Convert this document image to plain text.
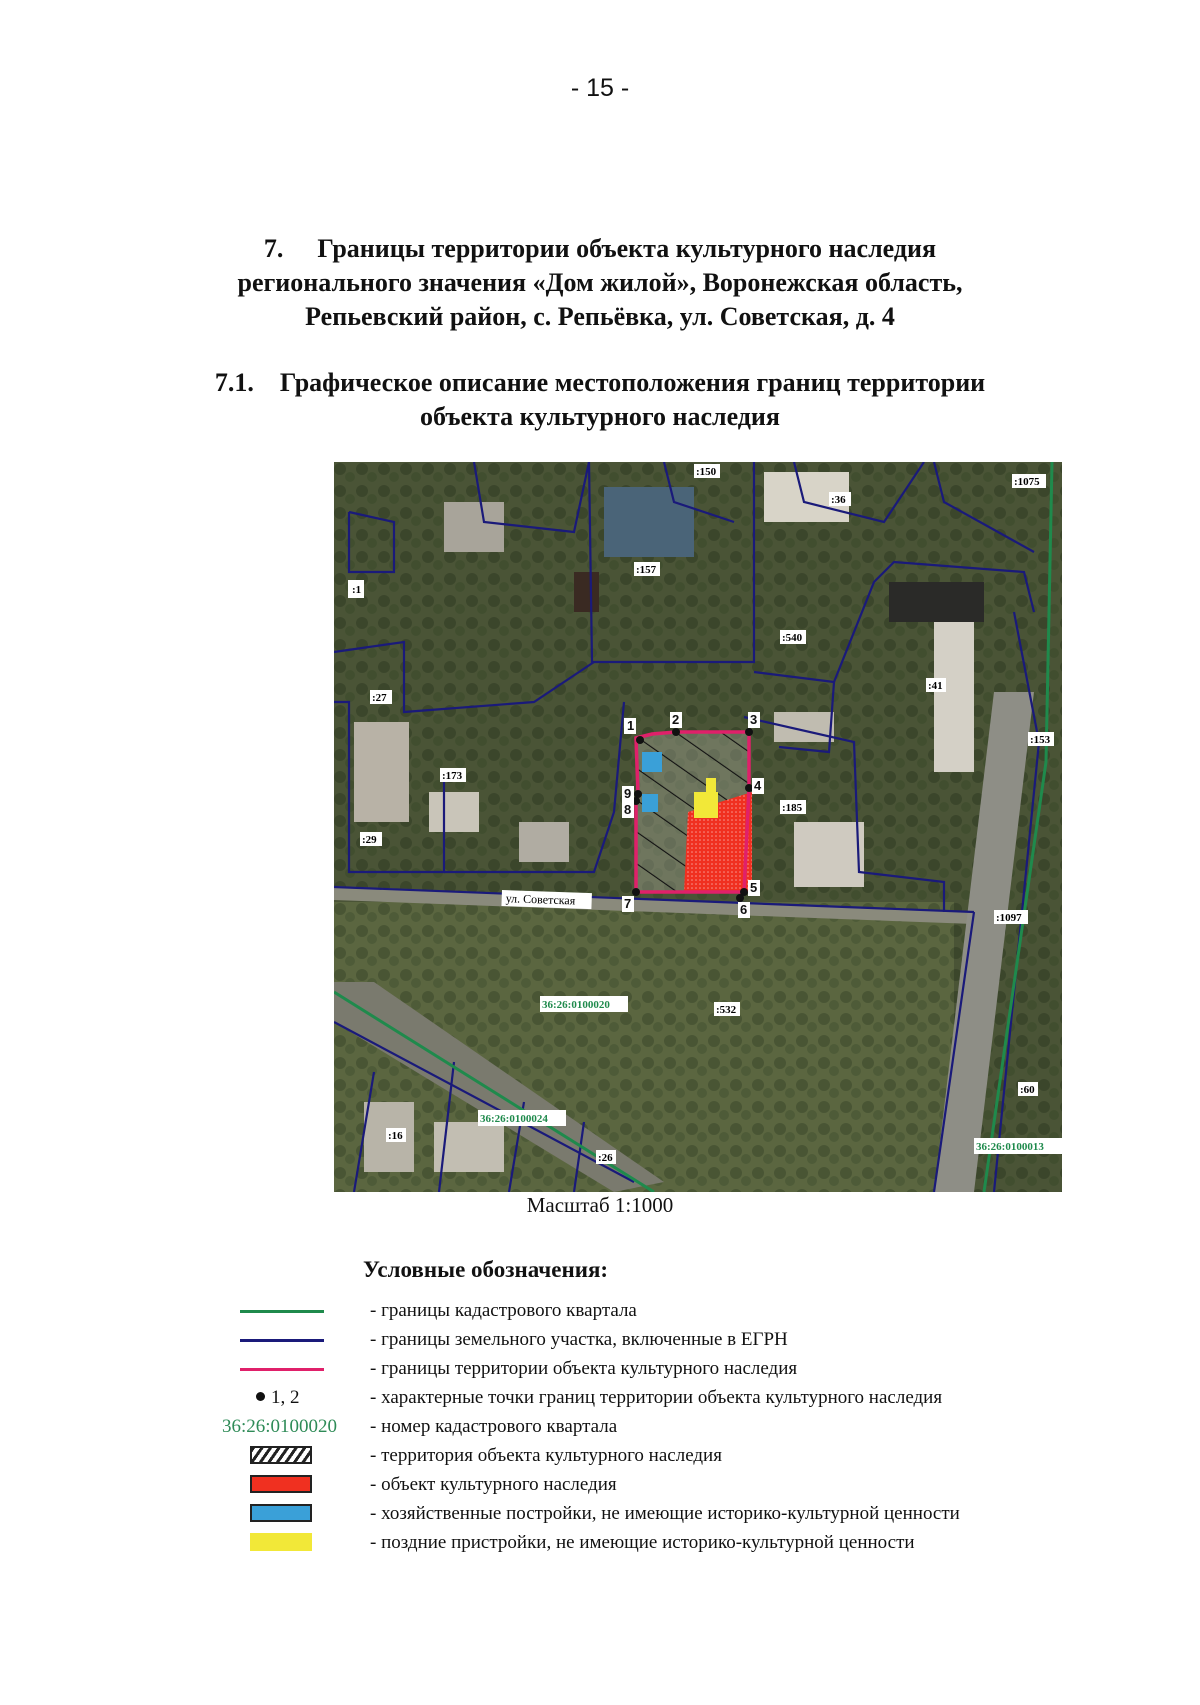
- 15 -
7. Границы территории объекта культурного наследия
регионального значения «Дом жилой», Воронежская область,
Репьевский район, с. Репьёвка, ул. Советская, д. 4
7.1. Графическое описание местоположения границ территории
объекта культурного наследия
:150
:1075
:36
:157
:1
:540
:41
:27
:153
:173
:185
:29
:1097
:532
:60
:16
:26
36:26:0100020
36:26:0100024
36:26:0100013
ул. Советская
1	2	3
4
5
6
7
8
9
Масштаб 1:1000
Условные обозначения:
- границы кадастрового квартала
- границы земельного участка, включенные в ЕГРН
- границы территории объекта культурного наследия
1, 2	- характерные точки границ территории объекта культурного наследия
36:26:0100020 - номер кадастрового квартала
- территория объекта культурного наследия
- объект культурного наследия
- хозяйственные постройки, не имеющие историко-культурной ценности
- поздние пристройки, не имеющие историко-культурной ценности
